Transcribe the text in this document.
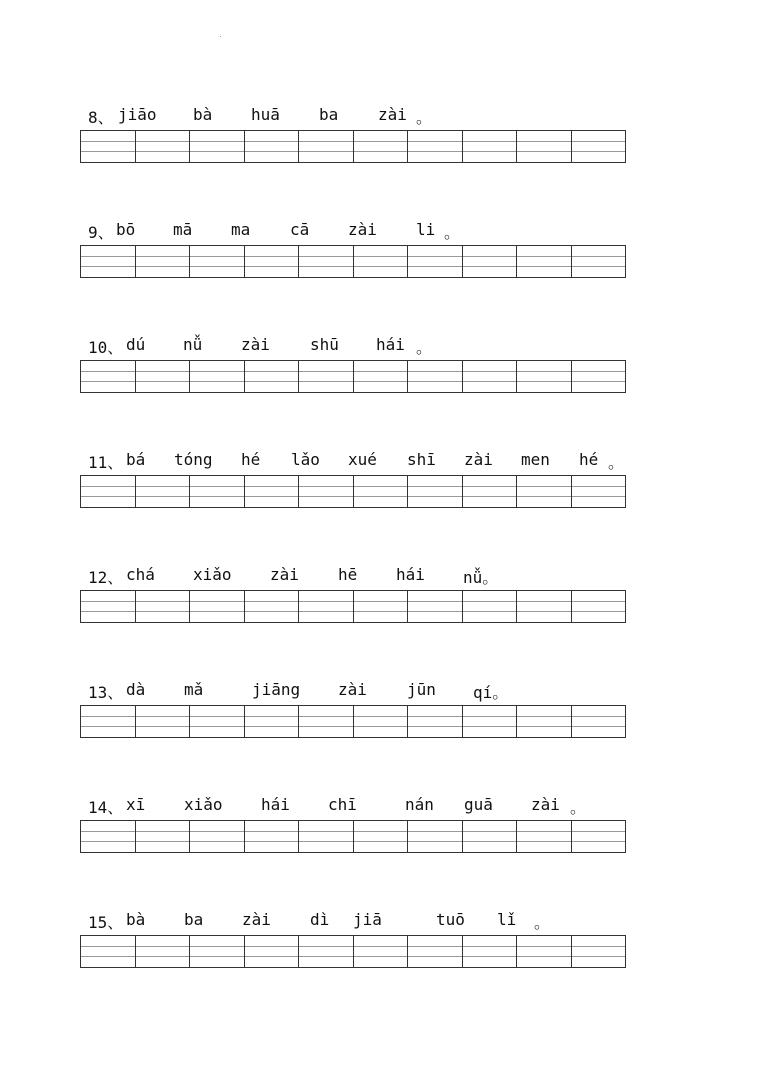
8、 jiāo bà huā ba zài 。
9、 bō mā ma cā zài li 。
10、 dú nǚ zài	shū hái 。
11、 bá tóng hé lǎo xué shī zài men hé 。
12、 chá xiǎo zài hē hái nǚ。
13、 dà mǎ	jiāng zài	jūn qí。
14、 xī xiǎo hái chī	nán guā zài 。
15、 bà ba zài dì jiā	tuō lǐ 。
